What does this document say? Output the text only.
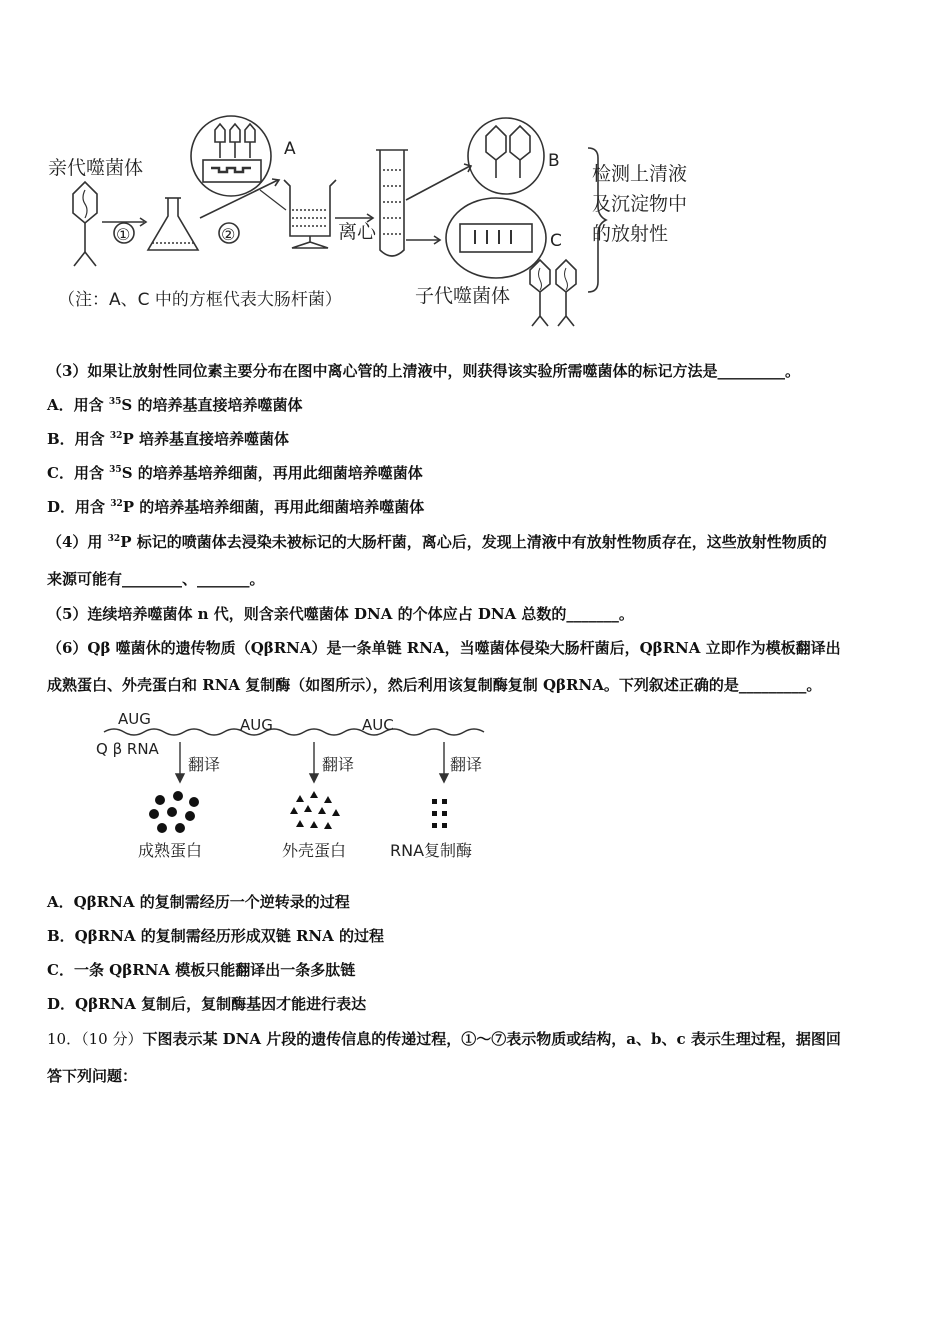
亲代噬菌体
①	②
A
离心
B
C
检测上清液
及沉淀物中
的放射性
（注：A、C 中的方框代表大肠杆菌）	子代噬菌体
（3）如果让放射性同位素主要分布在图中离心管的上清液中，则获得该实验所需噬菌体的标记方法是_________。
A．用含 $^{35}$S 的培养基直接培养噬菌体
B．用含 $^{32}$P 培养基直接培养噬菌体
C．用含 $^{35}$S 的培养基培养细菌，再用此细菌培养噬菌体
D．用含 $^{32}$P 的培养基培养细菌，再用此细菌培养噬菌体
（4）用 $^{32}$P 标记的喷菌体去浸染未被标记的大肠杆菌，离心后，发现上清液中有放射性物质存在，这些放射性物质的
来源可能有________、_______。
（5）连续培养噬菌体 n 代，则含亲代噬菌体 DNA 的个体应占 DNA 总数的_______。
（6）Qβ 噬菌休的遗传物质（QβRNA）是一条单链 RNA，当噬菌体侵染大肠杆菌后，QβRNA 立即作为模板翻译出
成熟蛋白、外壳蛋白和 RNA 复制酶（如图所示），然后利用该复制酶复制 QβRNA。下列叙述正确的是_________。
AUG	AUG	AUC
Q β RNA
翻译	翻译	翻译
成熟蛋白	外壳蛋白	RNA复制酶
A．QβRNA 的复制需经历一个逆转录的过程
B．QβRNA 的复制需经历形成双链 RNA 的过程
C．一条 QβRNA 模板只能翻译出一条多肽链
D．QβRNA 复制后，复制酶基因才能进行表达
10．（10 分）下图表示某 DNA 片段的遗传信息的传递过程，①～⑦表示物质或结构，a、b、c 表示生理过程，据图回
答下列问题：
